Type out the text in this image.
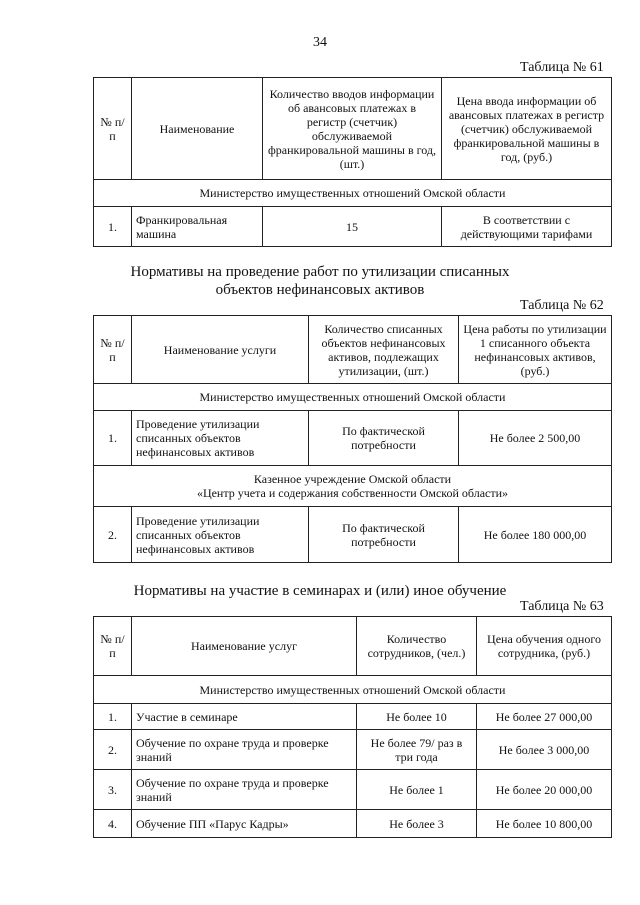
34
Таблица № 61
№ п/п	Наименование	Количество вводов информации об авансовых платежах в регистр (счетчик) обслуживаемой франкировальной машины в год, (шт.)	Цена ввода информации об авансовых платежах в регистр (счетчик) обслуживаемой франкировальной машины в год, (руб.)
Министерство имущественных отношений Омской области			
1.	Франкировальная машина	15	В соответствии с действующими тарифами
Нормативы на проведение работ по утилизации списанных
объектов нефинансовых активов
Таблица № 62
№ п/п	Наименование услуги	Количество списанных объектов нефинансовых активов, подлежащих утилизации, (шт.)	Цена работы по утилизации 1 списанного объекта нефинансовых активов, (руб.)
Министерство имущественных отношений Омской области			
1.	Проведение утилизации списанных объектов нефинансовых активов	По фактической потребности	Не более 2 500,00

Казенное учреждение Омской области
«Центр учета и содержания собственности Омской области»			

2.	Проведение утилизации списанных объектов нефинансовых активов	По фактической потребности	Не более 180 000,00
Нормативы на участие в семинарах и (или) иное обучение
Таблица № 63
№ п/п	Наименование услуг	Количество сотрудников, (чел.)	Цена обучения одного сотрудника, (руб.)
Министерство имущественных отношений Омской области			
1.	Участие в семинаре	Не более 10	Не более 27 000,00
2.	Обучение по охране труда и проверке знаний	Не более 79/ раз в три года	Не более 3 000,00
3.	Обучение по охране труда и проверке знаний	Не более 1	Не более 20 000,00
4.	Обучение ПП «Парус Кадры»	Не более 3	Не более 10 800,00
